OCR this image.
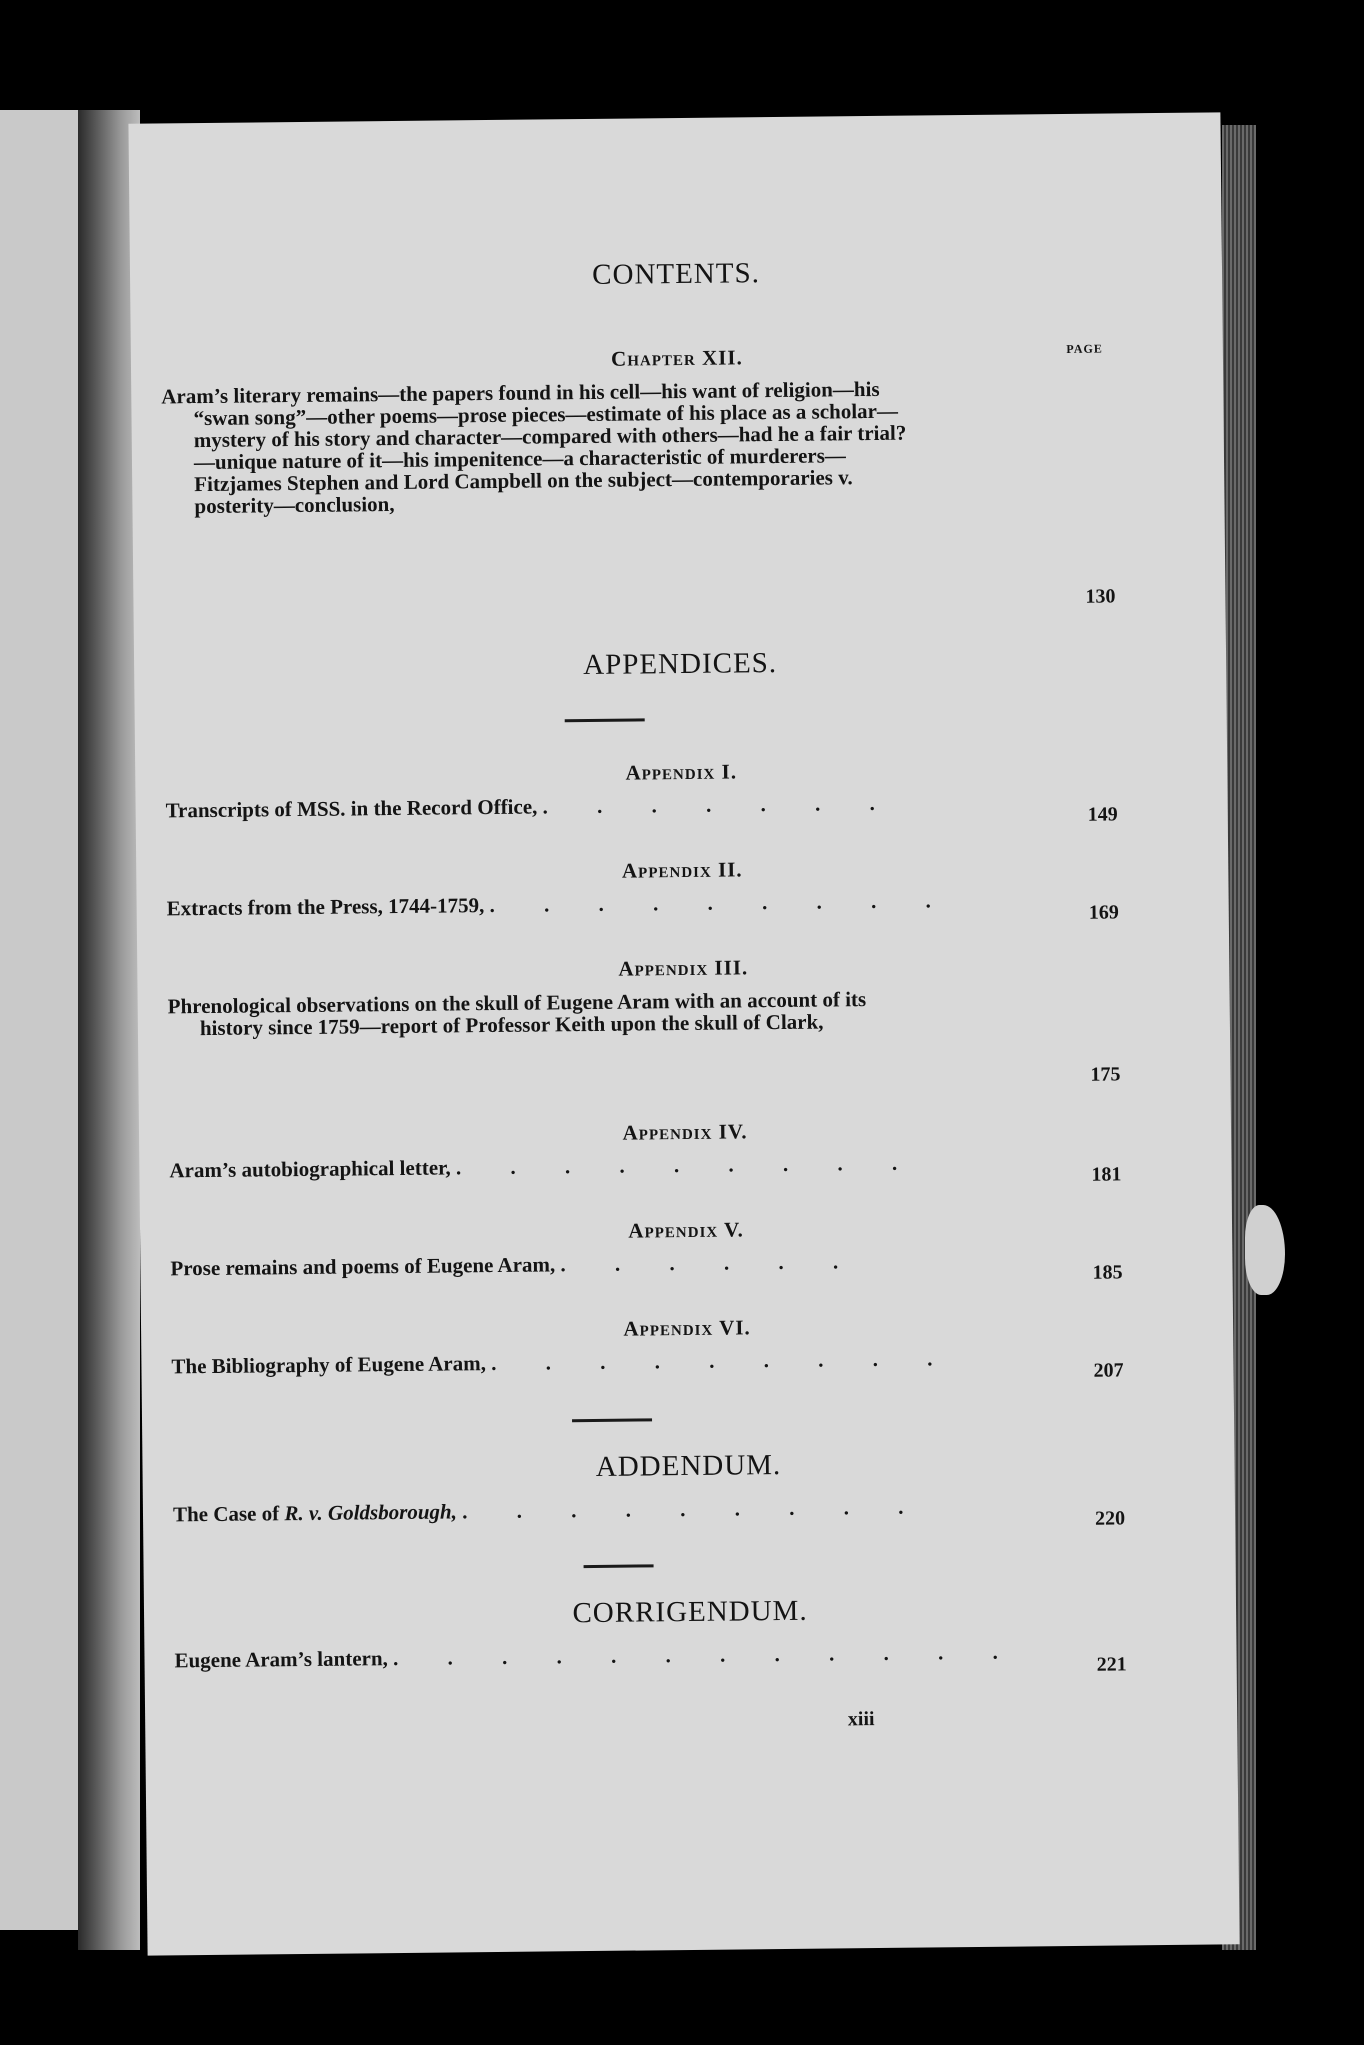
CONTENTS.
PAGE
Chapter XII.
Aram’s literary remains—the papers found in his cell—his want of religion—his “swan song”—other poems—prose pieces—estimate of his place as a scholar—mystery of his story and character—compared with others—had he a fair trial?—unique nature of it—his impenitence—a characteristic of murderers—Fitzjames Stephen and Lord Campbell on the subject—contemporaries v. posterity—conclusion,
130
APPENDICES.
Appendix I.
Transcripts of MSS. in the Record Office, . . . . . . .	149
Appendix II.
Extracts from the Press, 1744-1759, . . . . . . . . .	169
Appendix III.
Phrenological observations on the skull of Eugene Aram with an account of its history since 1759—report of Professor Keith upon the skull of Clark,
175
Appendix IV.
Aram’s autobiographical letter, . . . . . . . . .	181
Appendix V.
Prose remains and poems of Eugene Aram, . . . . . .	185
Appendix VI.
The Bibliography of Eugene Aram, . . . . . . . . .	207
ADDENDUM.
The Case of R. v. Goldsborough, . . . . . . . . .	220
CORRIGENDUM.
Eugene Aram’s lantern, . . . . . . . . . . . .	221
xiii
